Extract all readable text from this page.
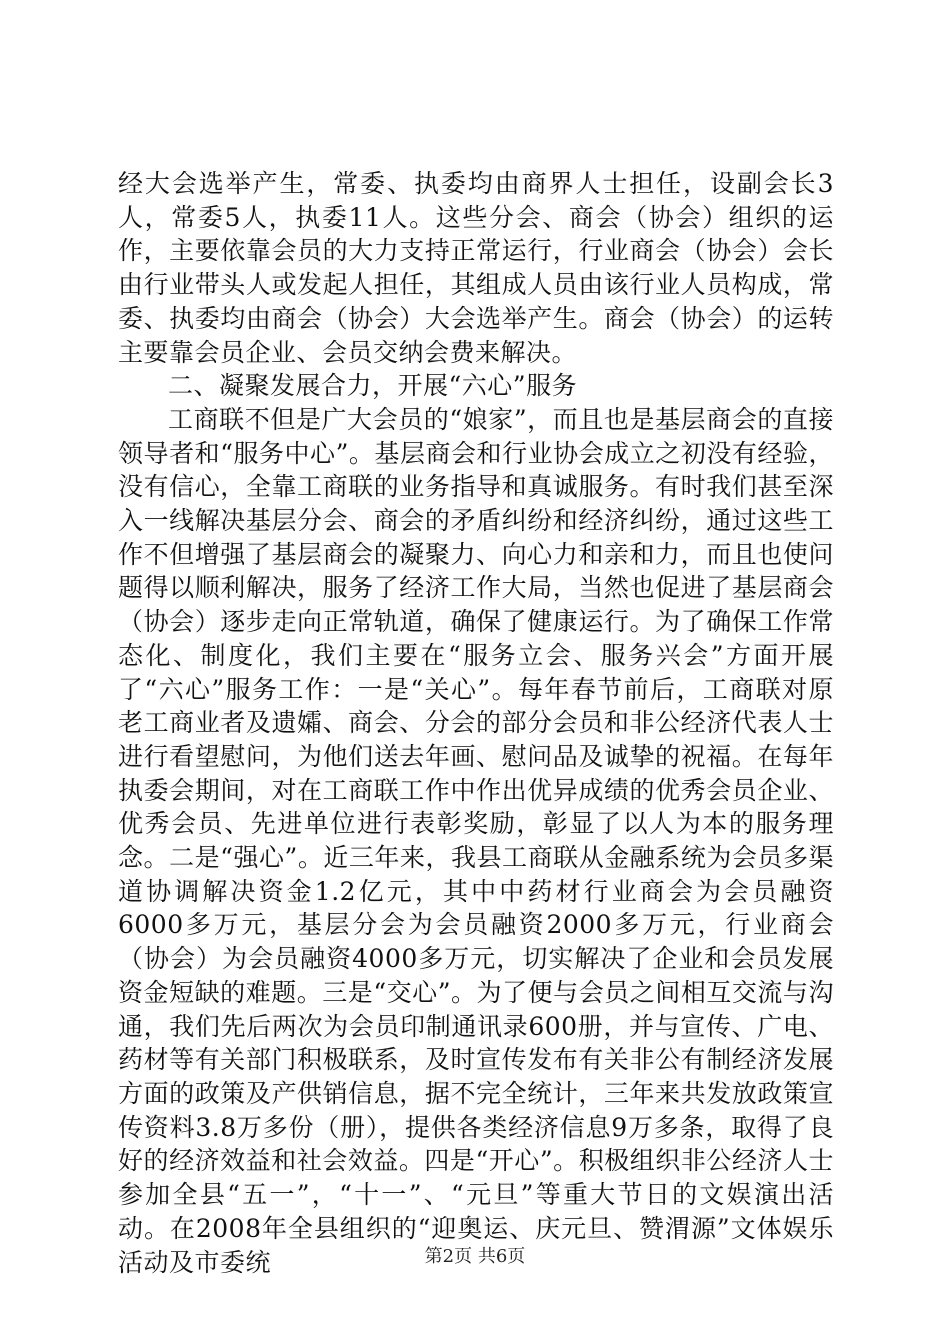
经大会选举产生，常委、执委均由商界人士担任，设副会长3人，常委5人，执委11人。这些分会、商会（协会）组织的运作，主要依靠会员的大力支持正常运行，行业商会（协会）会长由行业带头人或发起人担任，其组成人员由该行业人员构成，常委、执委均由商会（协会）大会选举产生。商会（协会）的运转主要靠会员企业、会员交纳会费来解决。

二、凝聚发展合力，开展“六心”服务

工商联不但是广大会员的“娘家”，而且也是基层商会的直接领导者和“服务中心”。基层商会和行业协会成立之初没有经验，没有信心，全靠工商联的业务指导和真诚服务。有时我们甚至深入一线解决基层分会、商会的矛盾纠纷和经济纠纷，通过这些工作不但增强了基层商会的凝聚力、向心力和亲和力，而且也使问题得以顺利解决，服务了经济工作大局，当然也促进了基层商会（协会）逐步走向正常轨道，确保了健康运行。为了确保工作常态化、制度化，我们主要在“服务立会、服务兴会”方面开展了“六心”服务工作：一是“关心”。每年春节前后，工商联对原老工商业者及遗孀、商会、分会的部分会员和非公经济代表人士进行看望慰问，为他们送去年画、慰问品及诚挚的祝福。在每年执委会期间，对在工商联工作中作出优异成绩的优秀会员企业、优秀会员、先进单位进行表彰奖励，彰显了以人为本的服务理念。二是“强心”。近三年来，我县工商联从金融系统为会员多渠道协调解决资金1.2亿元，其中中药材行业商会为会员融资6000多万元，基层分会为会员融资2000多万元，行业商会（协会）为会员融资4000多万元，切实解决了企业和会员发展资金短缺的难题。三是“交心”。为了便与会员之间相互交流与沟通，我们先后两次为会员印制通讯录600册，并与宣传、广电、药材等有关部门积极联系，及时宣传发布有关非公有制经济发展方面的政策及产供销信息，据不完全统计，三年来共发放政策宣传资料3.8万多份（册），提供各类经济信息9万多条，取得了良好的经济效益和社会效益。四是“开心”。积极组织非公经济人士参加全县“五一”，“十一”、“元旦”等重大节日的文娱演出活动。在2008年全县组织的“迎奥运、庆元旦、赞渭源”文体娱乐活动及市委统	第2页 共6页
